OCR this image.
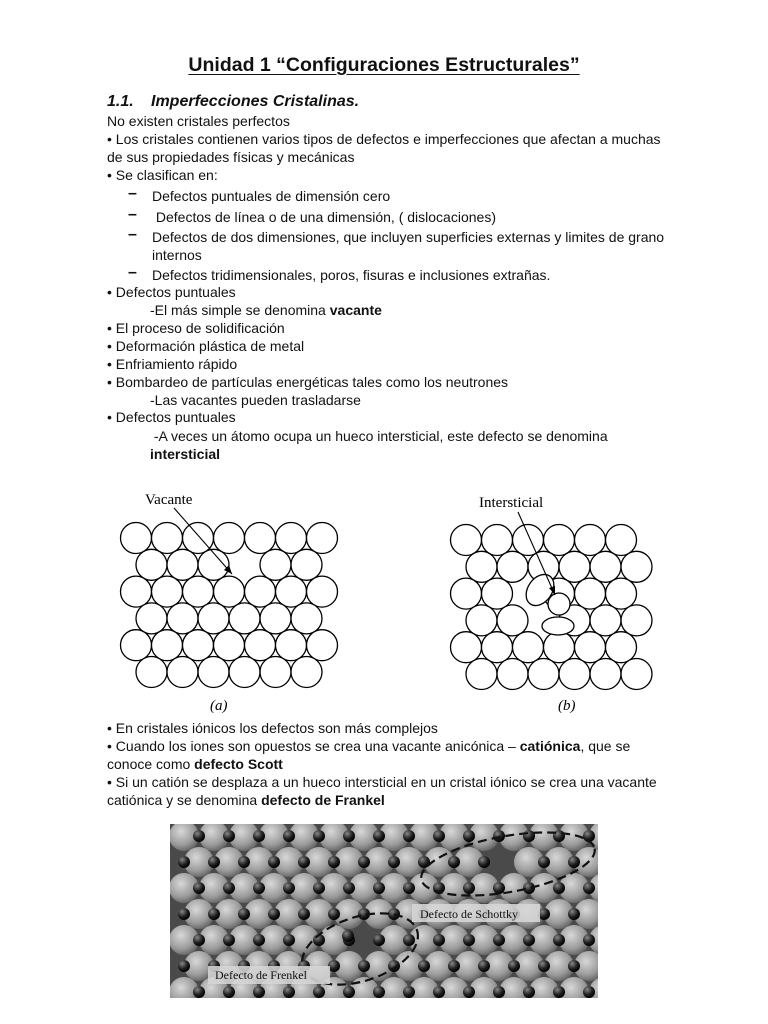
Unidad 1 “Configuraciones Estructurales”
1.1. Imperfecciones Cristalinas.
No existen cristales perfectos

• Los cristales contienen varios tipos de defectos e imperfecciones que afectan a muchas de sus propiedades físicas y mecánicas

• Se clasifican en:
– Defectos puntuales de dimensión cero
– Defectos de línea o de una dimensión, ( dislocaciones)
– Defectos de dos dimensiones, que incluyen superficies externas y limites de grano internos
– Defectos tridimensionales, poros, fisuras e inclusiones extrañas.
• Defectos puntuales
-El más simple se denomina vacante
• El proceso de solidificación
• Deformación plástica de metal
• Enfriamiento rápido
• Bombardeo de partículas energéticas tales como los neutrones
-Las vacantes pueden trasladarse
• Defectos puntuales
-A veces un átomo ocupa un hueco intersticial, este defecto se denomina intersticial
Vacante
(a)
Intersticial
(b)
• En cristales iónicos los defectos son más complejos

• Cuando los iones son opuestos se crea una vacante anicónica – catiónica, que se conoce como defecto Scott

• Si un catión se desplaza a un hueco intersticial en un cristal iónico se crea una vacante catiónica y se denomina defecto de Frankel

Defecto de Schottky
Defecto de Frenkel
